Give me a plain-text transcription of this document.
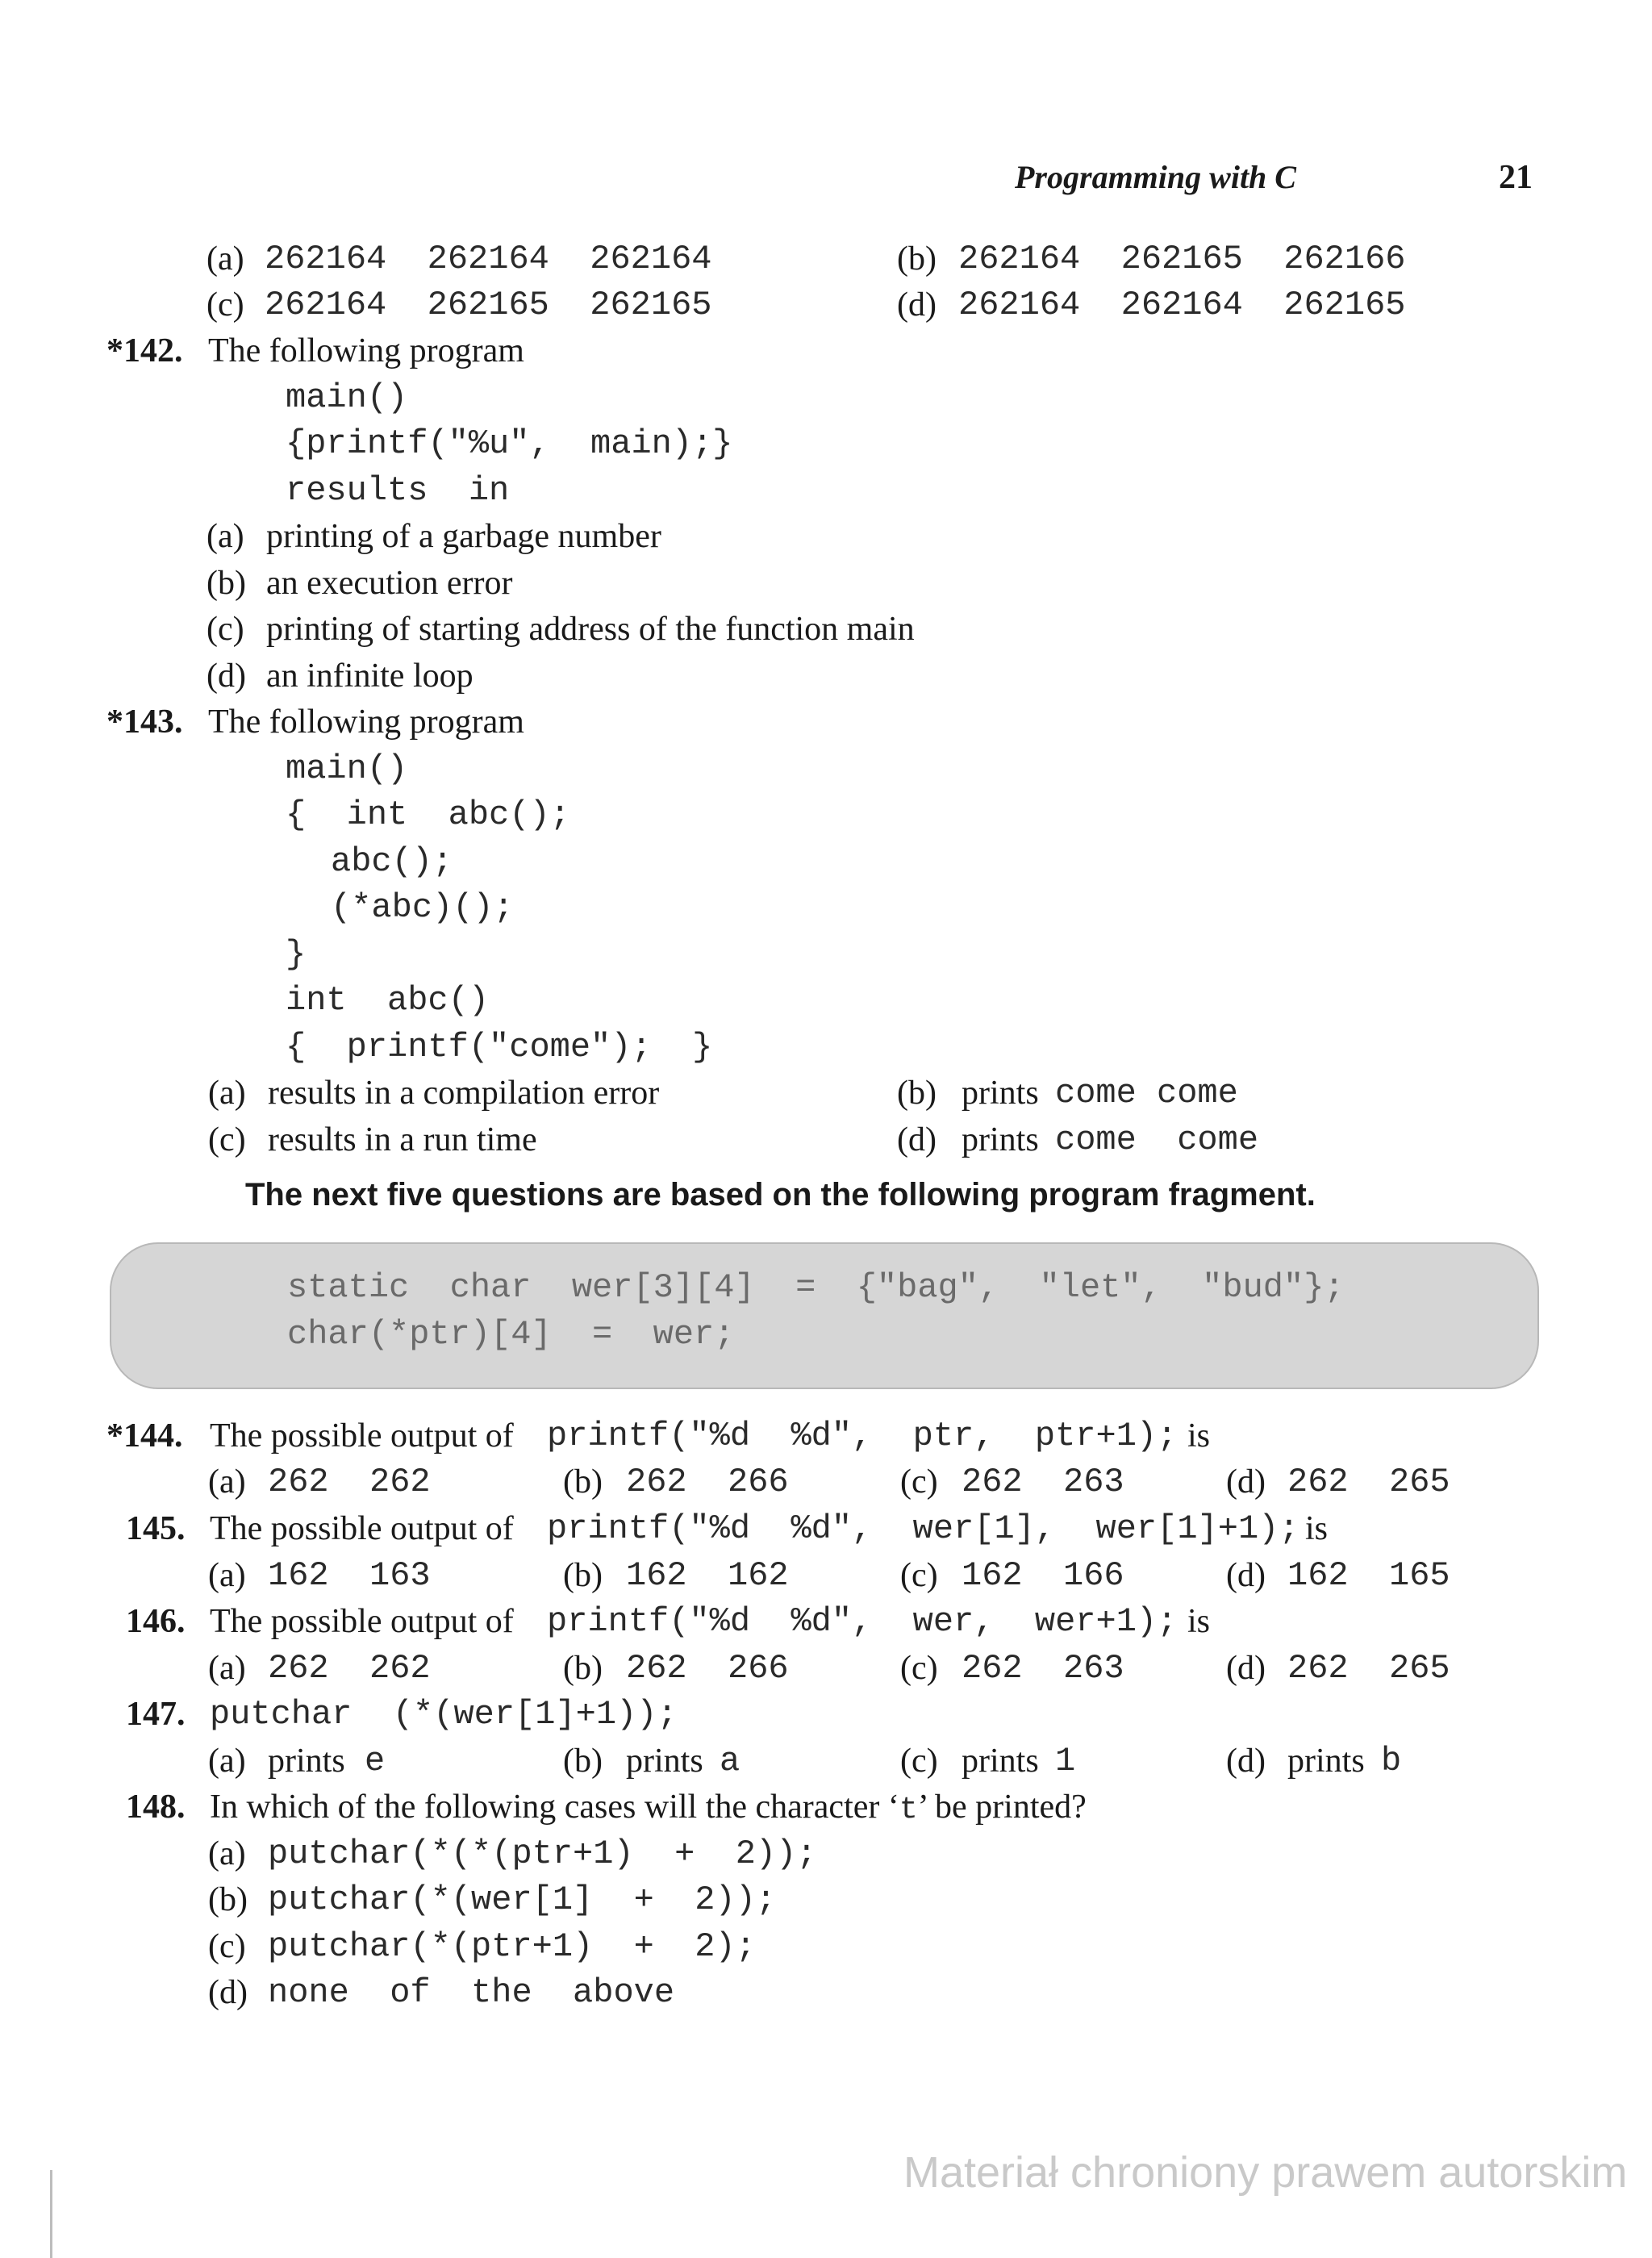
Programming with C	21
(a) 262164  262164  262164	(b) 262164  262165  262166
(c) 262164  262165  262165	(d) 262164  262164  262165
*142. The following program
main()
{printf("%u",  main);}
results  in
(a) printing of a garbage number
(b) an execution error
(c) printing of starting address of the function main
(d) an infinite loop
*143. The following program
main()
{  int  abc();
abc();
(*abc)();
}
int  abc()
{  printf("come");  }
(a) results in a compilation error	(b) prints come come
(c) results in a run time	(d) prints come  come
The next five questions are based on the following program fragment.
static  char  wer[3][4]  =  {"bag",  "let",  "bud"};
char(*ptr)[4]  =  wer;
*144. The possible output of printf("%d  %d",  ptr,  ptr+1); is
(a) 262  262	(b) 262  266	(c) 262  263	(d) 262  265
145. The possible output of printf("%d  %d",  wer[1],  wer[1]+1); is
(a) 162  163	(b) 162  162	(c) 162  166	(d) 162  165
146. The possible output of printf("%d  %d",  wer,  wer+1); is
(a) 262  262	(b) 262  266	(c) 262  263	(d) 262  265
147. putchar  (*(wer[1]+1));
(a) prints e	(b) prints a	(c) prints 1	(d) prints b
148. In which of the following cases will the character ‘t’ be printed?
(a) putchar(*(*(ptr+1)  +  2));
(b) putchar(*(wer[1]  +  2));
(c) putchar(*(ptr+1)  +  2);
(d) none  of  the  above
Materiał chroniony prawem autorskim
